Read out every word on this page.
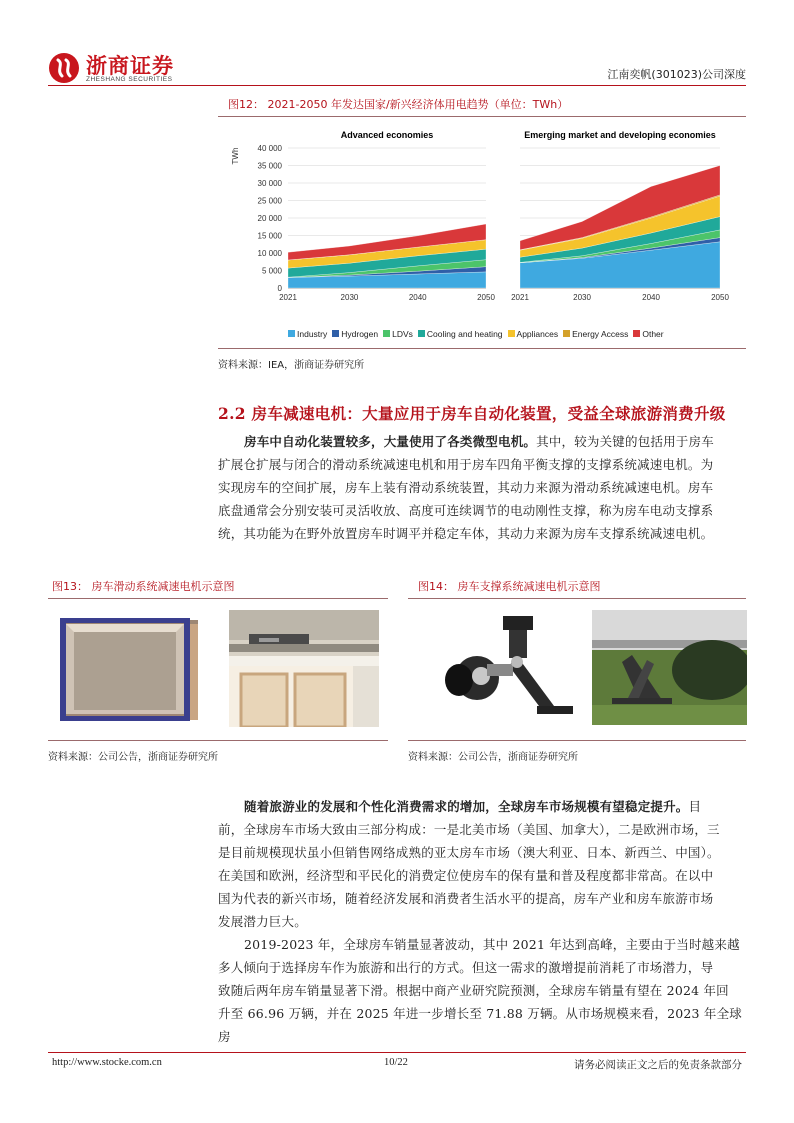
浙商证券
ZHESHANG SECURITIES	江南奕帆(301023)公司深度
图12： 2021-2050 年发达国家/新兴经济体用电趋势（单位：TWh）
TWh
0
5 000
10 000
15 000
20 000
25 000
30 000
35 000
40 000
Advanced economies
2021	2030	2040	2050
Emerging market and developing economies
2021	2030	2040	2050
Industry Hydrogen LDVs Cooling and heating Appliances Energy Access Other
资料来源：IEA，浙商证券研究所
2.2 房车减速电机：大量应用于房车自动化装置，受益全球旅游消费升级
房车中自动化装置较多，大量使用了各类微型电机。其中，较为关键的包括用于房车
扩展仓扩展与闭合的滑动系统减速电机和用于房车四角平衡支撑的支撑系统减速电机。为
实现房车的空间扩展，房车上装有滑动系统装置，其动力来源为滑动系统减速电机。房车
底盘通常会分别安装可灵活收放、高度可连续调节的电动刚性支撑，称为房车电动支撑系
统，其功能为在野外放置房车时调平并稳定车体，其动力来源为房车支撑系统减速电机。
图13： 房车滑动系统减速电机示意图
资料来源：公司公告，浙商证券研究所
图14： 房车支撑系统减速电机示意图
资料来源：公司公告，浙商证券研究所
随着旅游业的发展和个性化消费需求的增加，全球房车市场规模有望稳定提升。目
前，全球房车市场大致由三部分构成：一是北美市场（美国、加拿大），二是欧洲市场，三
是目前规模现状虽小但销售网络成熟的亚太房车市场（澳大利亚、日本、新西兰、中国）。
在美国和欧洲，经济型和平民化的消费定位使房车的保有量和普及程度都非常高。在以中
国为代表的新兴市场，随着经济发展和消费者生活水平的提高，房车产业和房车旅游市场
发展潜力巨大。
2019-2023 年，全球房车销量显著波动，其中 2021 年达到高峰，主要由于当时越来越
多人倾向于选择房车作为旅游和出行的方式。但这一需求的激增提前消耗了市场潜力，导
致随后两年房车销量显著下滑。根据中商产业研究院预测，全球房车销量有望在 2024 年回
升至 66.96 万辆，并在 2025 年进一步增长至 71.88 万辆。从市场规模来看，2023 年全球房
http://www.stocke.com.cn	10/22	请务必阅读正文之后的免责条款部分
